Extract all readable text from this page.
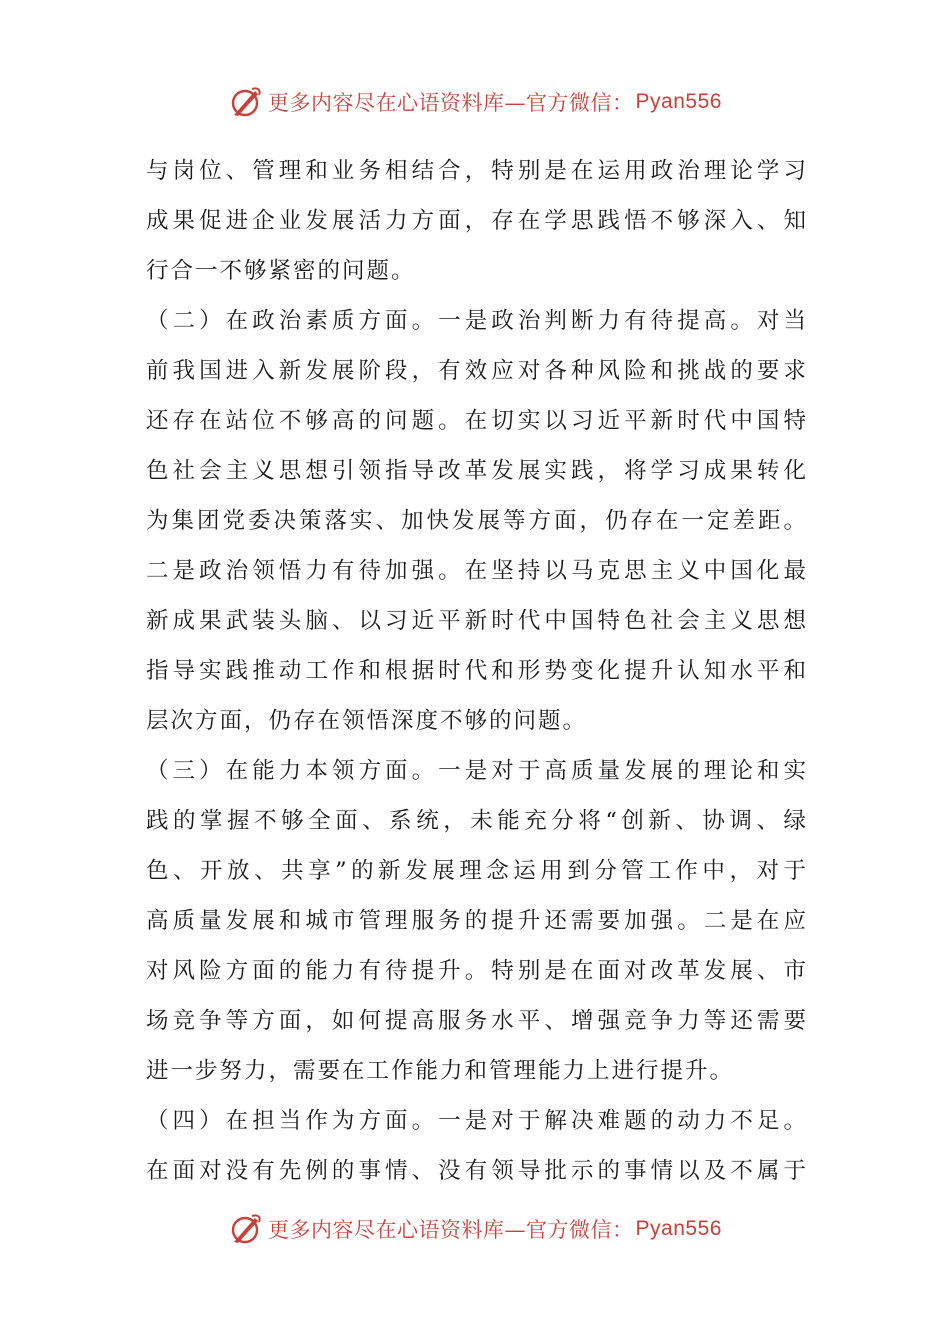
更多内容尽在心语资料库—官方微信： Pyan556
与岗位、管理和业务相结合，特别是在运用政治理论学习
成果促进企业发展活力方面，存在学思践悟不够深入、知
行合一不够紧密的问题。
（二）在政治素质方面。一是政治判断力有待提高。对当
前我国进入新发展阶段，有效应对各种风险和挑战的要求
还存在站位不够高的问题。在切实以习近平新时代中国特
色社会主义思想引领指导改革发展实践，将学习成果转化
为集团党委决策落实、加快发展等方面，仍存在一定差距。
二是政治领悟力有待加强。在坚持以马克思主义中国化最
新成果武装头脑、以习近平新时代中国特色社会主义思想
指导实践推动工作和根据时代和形势变化提升认知水平和
层次方面，仍存在领悟深度不够的问题。
（三）在能力本领方面。一是对于高质量发展的理论和实
践的掌握不够全面、系统，未能充分将“创新、协调、绿
色、开放、共享”的新发展理念运用到分管工作中，对于
高质量发展和城市管理服务的提升还需要加强。二是在应
对风险方面的能力有待提升。特别是在面对改革发展、市
场竞争等方面，如何提高服务水平、增强竞争力等还需要
进一步努力，需要在工作能力和管理能力上进行提升。
（四）在担当作为方面。一是对于解决难题的动力不足。
在面对没有先例的事情、没有领导批示的事情以及不属于
更多内容尽在心语资料库—官方微信： Pyan556
